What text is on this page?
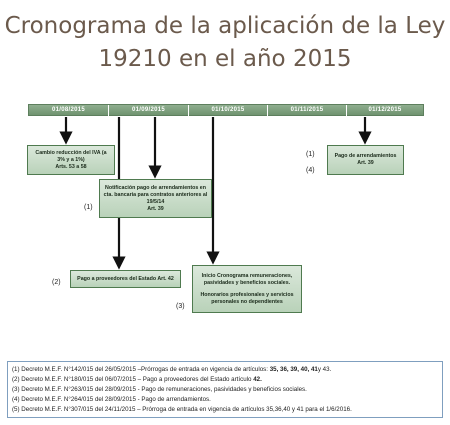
Cronograma de la aplicación de la Ley
19210 en el año 2015
01/08/2015	01/09/2015	01/10/2015	01/11/2015	01/12/2015
Cambio reducción del IVA (a
3% y a 1%)
Arts. 53 a 58
Pago de arrendamientos
Art. 39
Notificación pago de arrendamientos en
cta. bancaria para contratos anteriores al
19/5/14
Art. 39
Pago a proveedores del Estado Art. 42	Inicio Cronograma remuneraciones,
pasividades y beneficios sociales.
Honorarios profesionales y servicios
personales no dependientes
(1)
(4)
(1)
(2)
(3)
(1) Decreto M.E.F. N°142/015 del 26/05/2015 –Prórrogas de entrada en vigencia de artículos: 35, 36, 39, 40, 41y 43.
(2) Decreto M.E.F. N°180/015 del 06/07/2015 – Pago a proveedores del Estado artículo 42.
(3) Decreto M.E.F. N°263/015 del 28/09/2015 - Pago de remuneraciones, pasividades y beneficios sociales.
(4) Decreto M.E.F. N°264/015 del 28/09/2015 - Pago de arrendamientos.
(5) Decreto M.E.F. N°307/015 del 24/11/2015 – Prórroga de entrada en vigencia de artículos 35,36,40 y 41 para el 1/6/2016.
